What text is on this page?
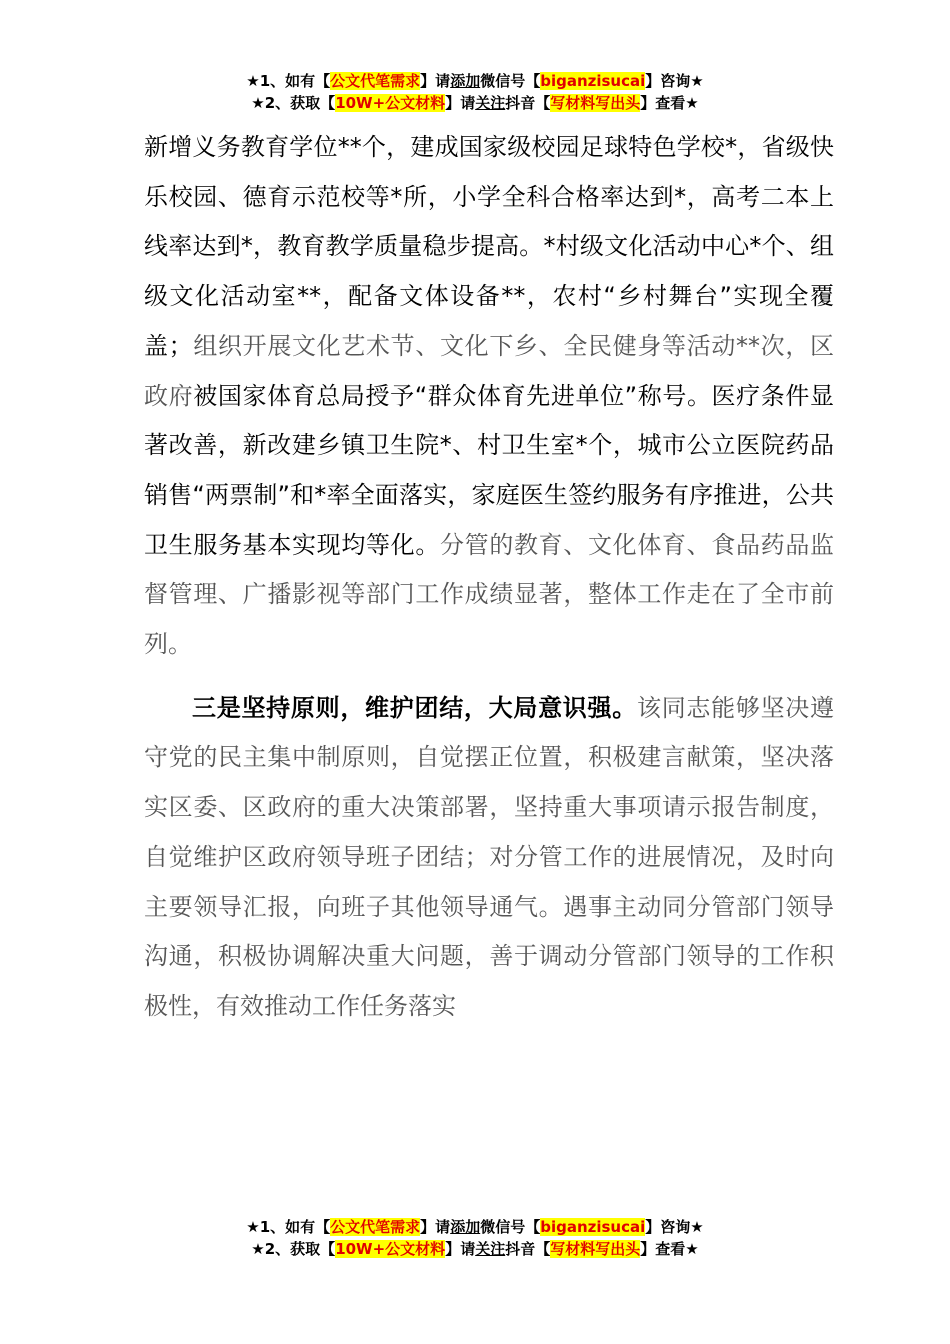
★1、如有【公文代笔需求】请添加微信号【biganzisucai】咨询★
★2、获取【10W+公文材料】请关注抖音【写材料写出头】查看★

新增义务教育学位**个，建成国家级校园足球特色学校*，省级快乐校园、德育示范校等*所，小学全科合格率达到*，高考二本上线率达到*，教育教学质量稳步提高。*村级文化活动中心*个、组级文化活动室**，配备文体设备**，农村“乡村舞台”实现全覆盖；组织开展文化艺术节、文化下乡、全民健身等活动**次，区政府被国家体育总局授予“群众体育先进单位”称号。医疗条件显著改善，新改建乡镇卫生院*、村卫生室*个，城市公立医院药品销售“两票制”和*率全面落实，家庭医生签约服务有序推进，公共卫生服务基本实现均等化。分管的教育、文化体育、食品药品监督管理、广播影视等部门工作成绩显著，整体工作走在了全市前列。

三是坚持原则，维护团结，大局意识强。该同志能够坚决遵守党的民主集中制原则，自觉摆正位置，积极建言献策，坚决落实区委、区政府的重大决策部署，坚持重大事项请示报告制度，自觉维护区政府领导班子团结；对分管工作的进展情况，及时向主要领导汇报，向班子其他领导通气。遇事主动同分管部门领导沟通，积极协调解决重大问题，善于调动分管部门领导的工作积极性，有效推动工作任务落实

★1、如有【公文代笔需求】请添加微信号【biganzisucai】咨询★
★2、获取【10W+公文材料】请关注抖音【写材料写出头】查看★
